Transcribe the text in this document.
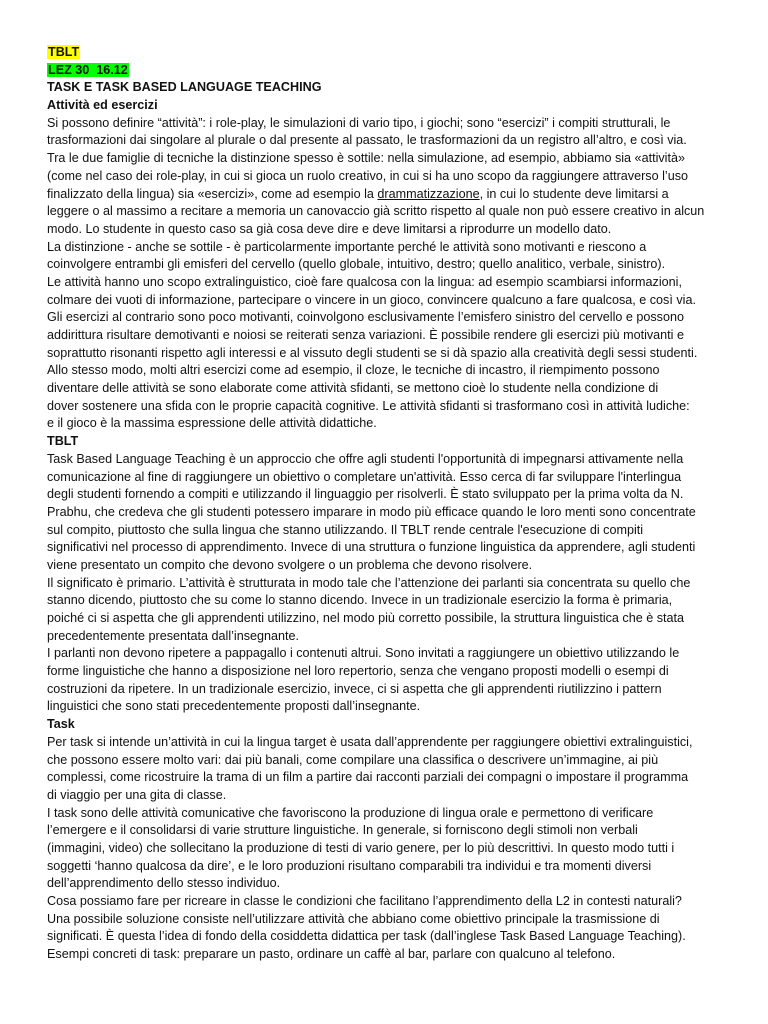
TBLT
LEZ 30  16.12
TASK E TASK BASED LANGUAGE TEACHING
Attività ed esercizi
Si possono definire “attività”: i role-play, le simulazioni di vario tipo, i giochi; sono “esercizi” i compiti strutturali, le
trasformazioni dai singolare al plurale o dal presente al passato, le trasformazioni da un registro all’altro, e così via.
Tra le due famiglie di tecniche la distinzione spesso è sottile: nella simulazione, ad esempio, abbiamo sia «attività»
(come nel caso dei role-play, in cui si gioca un ruolo creativo, in cui si ha uno scopo da raggiungere attraverso l’uso
finalizzato della lingua) sia «esercizi», come ad esempio la drammatizzazione, in cui lo studente deve limitarsi a
leggere o al massimo a recitare a memoria un canovaccio già scritto rispetto al quale non può essere creativo in alcun
modo. Lo studente in questo caso sa già cosa deve dire e deve limitarsi a riprodurre un modello dato.
La distinzione - anche se sottile - è particolarmente importante perché le attività sono motivanti e riescono a
coinvolgere entrambi gli emisferi del cervello (quello globale, intuitivo, destro; quello analitico, verbale, sinistro).
Le attività hanno uno scopo extralinguistico, cioè fare qualcosa con la lingua: ad esempio scambiarsi informazioni,
colmare dei vuoti di informazione, partecipare o vincere in un gioco, convincere qualcuno a fare qualcosa, e così via.
Gli esercizi al contrario sono poco motivanti, coinvolgono esclusivamente l’emisfero sinistro del cervello e possono
addirittura risultare demotivanti e noiosi se reiterati senza variazioni. È possibile rendere gli esercizi più motivanti e
soprattutto risonanti rispetto agli interessi e al vissuto degli studenti se si dà spazio alla creatività degli sessi studenti.
Allo stesso modo, molti altri esercizi come ad esempio, il cloze, le tecniche di incastro, il riempimento possono
diventare delle attività se sono elaborate come attività sfidanti, se mettono cioè lo studente nella condizione di
dover sostenere una sfida con le proprie capacità cognitive. Le attività sfidanti si trasformano così in attività ludiche:
e il gioco è la massima espressione delle attività didattiche.
TBLT
Task Based Language Teaching è un approccio che offre agli studenti l'opportunità di impegnarsi attivamente nella
comunicazione al fine di raggiungere un obiettivo o completare un'attività. Esso cerca di far sviluppare l'interlingua
degli studenti fornendo a compiti e utilizzando il linguaggio per risolverli. È stato sviluppato per la prima volta da N.
Prabhu, che credeva che gli studenti potessero imparare in modo più efficace quando le loro menti sono concentrate
sul compito, piuttosto che sulla lingua che stanno utilizzando. Il TBLT rende centrale l'esecuzione di compiti
significativi nel processo di apprendimento. Invece di una struttura o funzione linguistica da apprendere, agli studenti
viene presentato un compito che devono svolgere o un problema che devono risolvere.
Il significato è primario. L’attività è strutturata in modo tale che l’attenzione dei parlanti sia concentrata su quello che
stanno dicendo, piuttosto che su come lo stanno dicendo. Invece in un tradizionale esercizio la forma è primaria,
poiché ci si aspetta che gli apprendenti utilizzino, nel modo più corretto possibile, la struttura linguistica che è stata
precedentemente presentata dall’insegnante.
I parlanti non devono ripetere a pappagallo i contenuti altrui. Sono invitati a raggiungere un obiettivo utilizzando le
forme linguistiche che hanno a disposizione nel loro repertorio, senza che vengano proposti modelli o esempi di
costruzioni da ripetere. In un tradizionale esercizio, invece, ci si aspetta che gli apprendenti riutilizzino i pattern
linguistici che sono stati precedentemente proposti dall’insegnante.
Task
Per task si intende un’attività in cui la lingua target è usata dall’apprendente per raggiungere obiettivi extralinguistici,
che possono essere molto vari: dai più banali, come compilare una classifica o descrivere un’immagine, ai più
complessi, come ricostruire la trama di un film a partire dai racconti parziali dei compagni o impostare il programma
di viaggio per una gita di classe.
I task sono delle attività comunicative che favoriscono la produzione di lingua orale e permettono di verificare
l’emergere e il consolidarsi di varie strutture linguistiche. In generale, si forniscono degli stimoli non verbali
(immagini, video) che sollecitano la produzione di testi di vario genere, per lo più descrittivi. In questo modo tutti i
soggetti ‘hanno qualcosa da dire’, e le loro produzioni risultano comparabili tra individui e tra momenti diversi
dell’apprendimento dello stesso individuo.
Cosa possiamo fare per ricreare in classe le condizioni che facilitano l’apprendimento della L2 in contesti naturali?
Una possibile soluzione consiste nell’utilizzare attività che abbiano come obiettivo principale la trasmissione di
significati. È questa l’idea di fondo della cosiddetta didattica per task (dall’inglese Task Based Language Teaching).
Esempi concreti di task: preparare un pasto, ordinare un caffè al bar, parlare con qualcuno al telefono.
